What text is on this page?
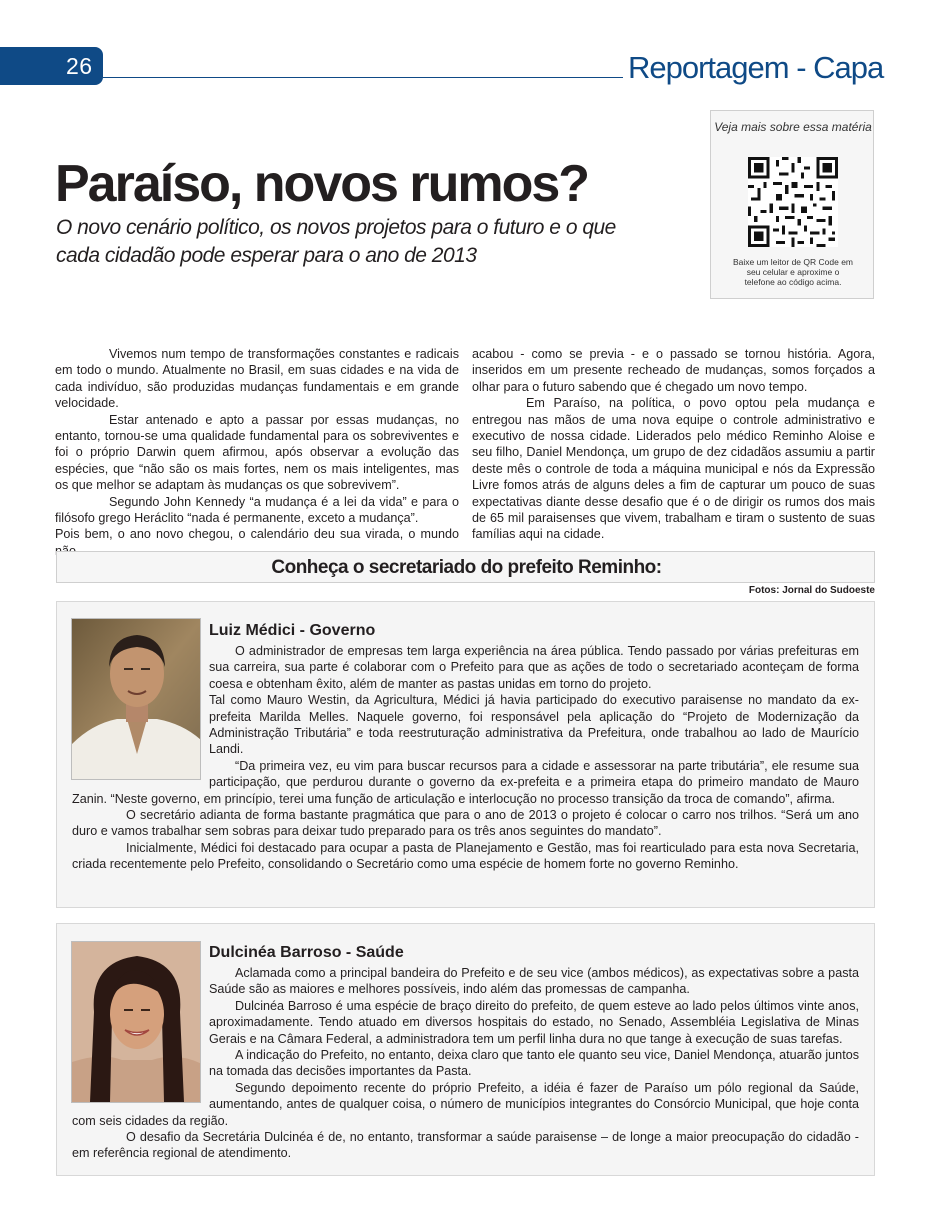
26	Reportagem - Capa
Paraíso, novos rumos?
O novo cenário político, os novos projetos para o futuro e o que cada cidadão pode esperar para o ano de 2013
Veja mais sobre essa matéria
Baixe um leitor de QR Code em seu celular e aproxime o telefone ao código acima.

Vivemos num tempo de transformações constantes e radicais em todo o mundo. Atualmente no Brasil, em suas cidades e na vida de cada indivíduo, são produzidas mudanças fundamentais e em grande velocidade.

Estar antenado e apto a passar por essas mudanças, no entanto, tornou-se uma qualidade fundamental para os sobreviventes e foi o próprio Darwin quem afirmou, após observar a evolução das espécies, que “não são os mais fortes, nem os mais inteligentes, mas os que melhor se adaptam às mudanças os que sobrevivem”.

Segundo John Kennedy “a mudança é a lei da vida” e para o filósofo grego Heráclito “nada é permanente, exceto a mudança”.

Pois bem, o ano novo chegou, o calendário deu sua virada, o mundo

acabou - como se previa - e o passado se tornou história. Agora, inseridos em um presente recheado de mudanças, somos forçados a olhar para o futuro sabendo que é chegado um novo tempo.

Em Paraíso, na política, o povo optou pela mudança e entregou nas mãos de uma nova equipe o controle administrativo e executivo de nossa cidade. Liderados pelo médico Reminho Aloise e seu filho, Daniel Mendonça, um grupo de dez cidadãos assumiu a partir deste mês o controle de toda a máquina municipal e nós da Expressão Livre fomos atrás de alguns deles a fim de capturar um pouco de suas expectativas diante desse desafio que é o de dirigir os rumos dos mais de 65 mil paraisenses que vivem, trabalham e tiram o sustento de suas famílias aqui na cidade.

Conheça o secretariado do prefeito Reminho:
Fotos: Jornal do Sudoeste
Luiz Médici - Governo

O administrador de empresas tem larga experiência na área pública. Tendo passado por várias prefeituras em sua carreira, sua parte é colaborar com o Prefeito para que as ações de todo o secretariado aconteçam de forma coesa e obtenham êxito, além de manter as pastas unidas em torno do projeto.

Tal como Mauro Westin, da Agricultura, Médici já havia participado do executivo paraisense no mandato da ex-prefeita Marilda Melles. Naquele governo, foi responsável pela aplicação do “Projeto de Modernização da Administração Tributária” e toda reestruturação administrativa da Prefeitura, onde trabalhou ao lado de Maurício Landi.

“Da primeira vez, eu vim para buscar recursos para a cidade e assessorar na parte tributária”, ele resume sua participação, que perdurou durante o governo da ex-prefeita e a primeira etapa do primeiro mandato de Mauro Zanin. “Neste governo, em princípio, terei uma função de articulação e interlocução no processo transição da troca de comando”, afirma.

O secretário adianta de forma bastante pragmática que para o ano de 2013 o projeto é colocar o carro nos trilhos. “Será um ano duro e vamos trabalhar sem sobras para deixar tudo preparado para os três anos seguintes do mandato”.

Inicialmente, Médici foi destacado para ocupar a pasta de Planejamento e Gestão, mas foi rearticulado para esta nova Secretaria, criada recentemente pelo Prefeito, consolidando o Secretário como uma espécie de homem forte no governo Reminho.

Dulcinéa Barroso - Saúde

Aclamada como a principal bandeira do Prefeito e de seu vice (ambos médicos), as expectativas sobre a pasta Saúde são as maiores e melhores possíveis, indo além das promessas de campanha.

Dulcinéa Barroso é uma espécie de braço direito do prefeito, de quem esteve ao lado pelos últimos vinte anos, aproximadamente. Tendo atuado em diversos hospitais do estado, no Senado, Assembléia Legislativa de Minas Gerais e na Câmara Federal, a administradora tem um perfil linha dura no que tange à execução de suas tarefas.

A indicação do Prefeito, no entanto, deixa claro que tanto ele quanto seu vice, Daniel Mendonça, atuarão juntos na tomada das decisões importantes da Pasta.

Segundo depoimento recente do próprio Prefeito, a idéia é fazer de Paraíso um pólo regional da Saúde, aumentando, antes de qualquer coisa, o número de municípios integrantes do Consórcio Municipal, que hoje conta com seis cidades da região.

O desafio da Secretária Dulcinéa é de, no entanto, transformar a saúde paraisense – de longe a maior preocupação do cidadão - em referência regional de atendimento.
